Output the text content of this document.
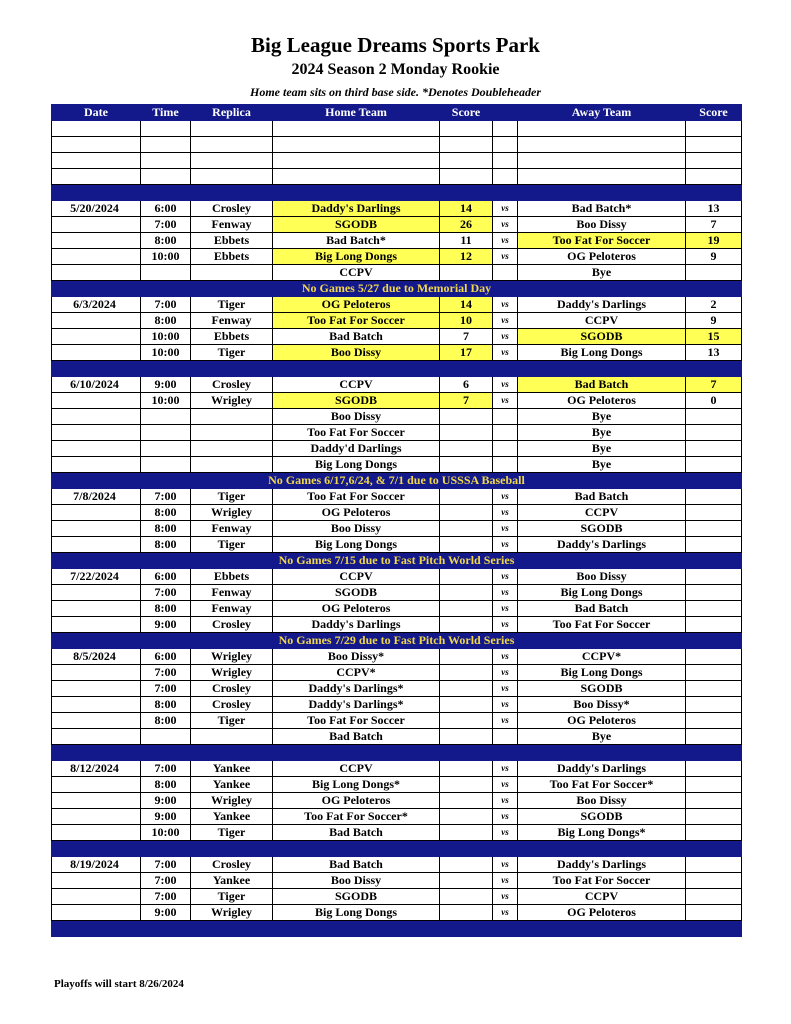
Big League Dreams Sports Park
2024 Season 2 Monday Rookie
Home team sits on third base side. *Denotes Doubleheader
Date	Time	Replica	Home Team	Score		Away Team	Score

5/20/2024	6:00	Crosley	Daddy's Darlings	14	vs	Bad Batch*	13
	7:00	Fenway	SGODB	26	vs	Boo Dissy	7
	8:00	Ebbets	Bad Batch*	11	vs	Too Fat For Soccer	19
	10:00	Ebbets	Big Long Dongs	12	vs	OG Peloteros	9
			CCPV			Bye	
No Games 5/27 due to Memorial Day							
6/3/2024	7:00	Tiger	OG Peloteros	14	vs	Daddy's Darlings	2
	8:00	Fenway	Too Fat For Soccer	10	vs	CCPV	9
	10:00	Ebbets	Bad Batch	7	vs	SGODB	15
	10:00	Tiger	Boo Dissy	17	vs	Big Long Dongs	13

6/10/2024	9:00	Crosley	CCPV	6	vs	Bad Batch	7
	10:00	Wrigley	SGODB	7	vs	OG Peloteros	0
			Boo Dissy			Bye	
			Too Fat For Soccer			Bye	
			Daddy'd Darlings			Bye	
			Big Long Dongs			Bye	
No Games 6/17,6/24, & 7/1 due to USSSA Baseball							
7/8/2024	7:00	Tiger	Too Fat For Soccer		vs	Bad Batch	
	8:00	Wrigley	OG Peloteros		vs	CCPV	
	8:00	Fenway	Boo Dissy		vs	SGODB	
	8:00	Tiger	Big Long Dongs		vs	Daddy's Darlings	
No Games 7/15 due to Fast Pitch World Series							
7/22/2024	6:00	Ebbets	CCPV		vs	Boo Dissy	
	7:00	Fenway	SGODB		vs	Big Long Dongs	
	8:00	Fenway	OG Peloteros		vs	Bad Batch	
	9:00	Crosley	Daddy's Darlings		vs	Too Fat For Soccer	
No Games 7/29 due to Fast Pitch World Series							
8/5/2024	6:00	Wrigley	Boo Dissy*		vs	CCPV*	
	7:00	Wrigley	CCPV*		vs	Big Long Dongs	
	7:00	Crosley	Daddy's Darlings*		vs	SGODB	
	8:00	Crosley	Daddy's Darlings*		vs	Boo Dissy*	
	8:00	Tiger	Too Fat For Soccer		vs	OG Peloteros	
			Bad Batch			Bye	

8/12/2024	7:00	Yankee	CCPV		vs	Daddy's Darlings	
	8:00	Yankee	Big Long Dongs*		vs	Too Fat For Soccer*	
	9:00	Wrigley	OG Peloteros		vs	Boo Dissy	
	9:00	Yankee	Too Fat For Soccer*		vs	SGODB	
	10:00	Tiger	Bad Batch		vs	Big Long Dongs*	

8/19/2024	7:00	Crosley	Bad Batch		vs	Daddy's Darlings	
	7:00	Yankee	Boo Dissy		vs	Too Fat For Soccer	
	7:00	Tiger	SGODB		vs	CCPV	
	9:00	Wrigley	Big Long Dongs		vs	OG Peloteros	

Playoffs will start 8/26/2024
